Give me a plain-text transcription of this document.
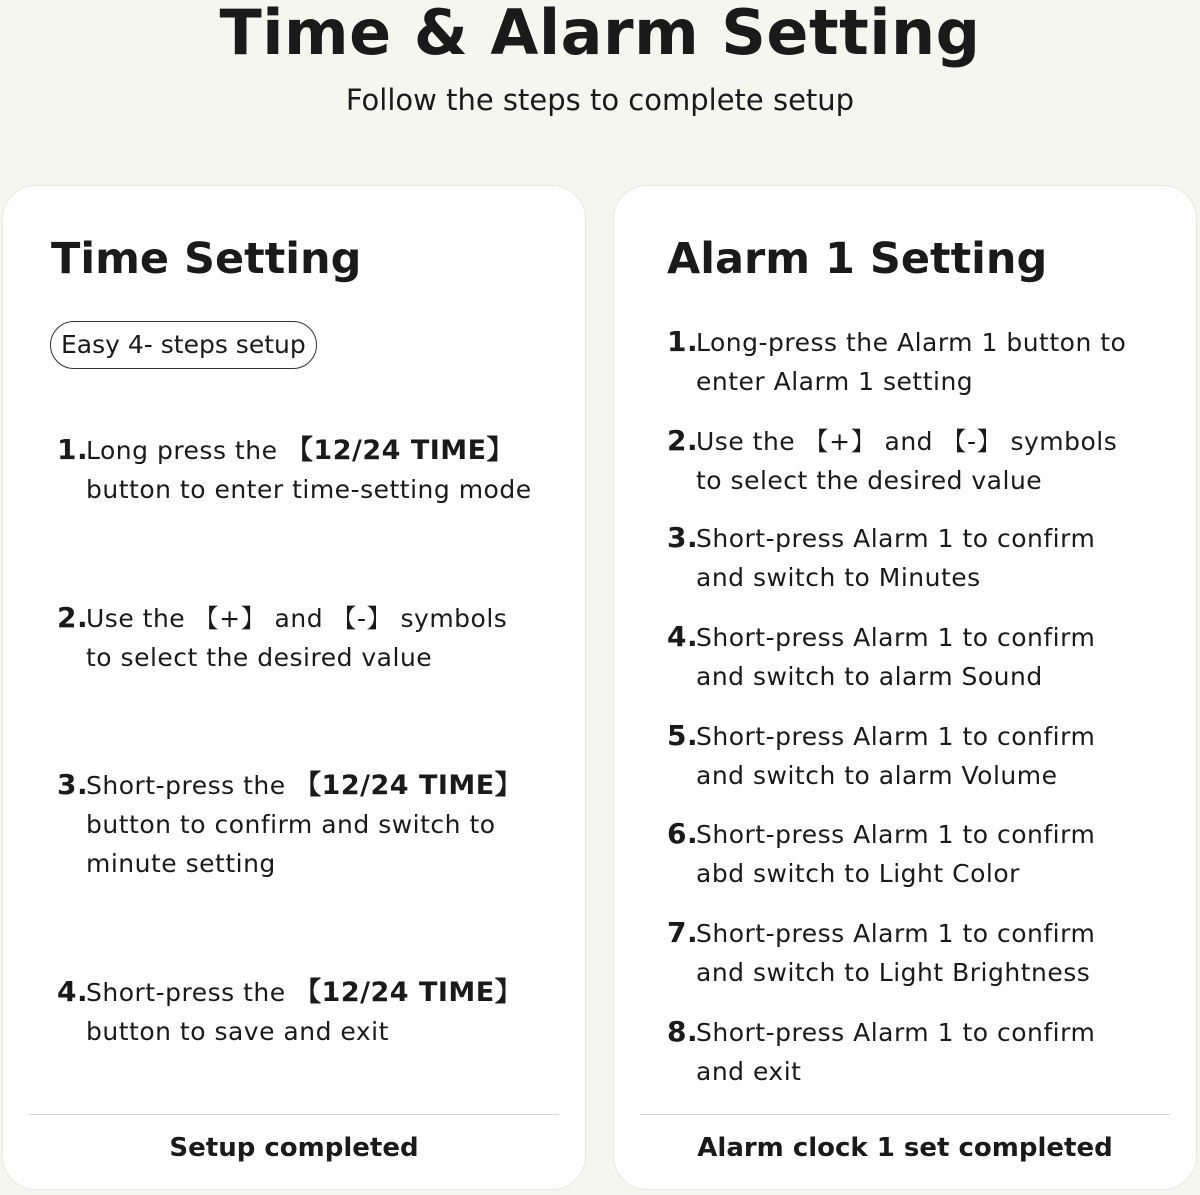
Time & Alarm Setting
Follow the steps to complete setup
Time Setting
Easy 4- steps setup
1.Long press the 【12/24 TIME】
button to enter time-setting mode
2.Use the 【+】 and 【-】 symbols
to select the desired value
3.Short-press the 【12/24 TIME】
button to confirm and switch to
minute setting
4.Short-press the 【12/24 TIME】
button to save and exit
Setup completed
Alarm 1 Setting
1.Long-press the Alarm 1 button to
enter Alarm 1 setting
2.Use the 【+】 and 【-】 symbols
to select the desired value
3.Short-press Alarm 1 to confirm
and switch to Minutes
4.Short-press Alarm 1 to confirm
and switch to alarm Sound
5.Short-press Alarm 1 to confirm
and switch to alarm Volume
6.Short-press Alarm 1 to confirm
abd switch to Light Color
7.Short-press Alarm 1 to confirm
and switch to Light Brightness
8.Short-press Alarm 1 to confirm
and exit
Alarm clock 1 set completed
